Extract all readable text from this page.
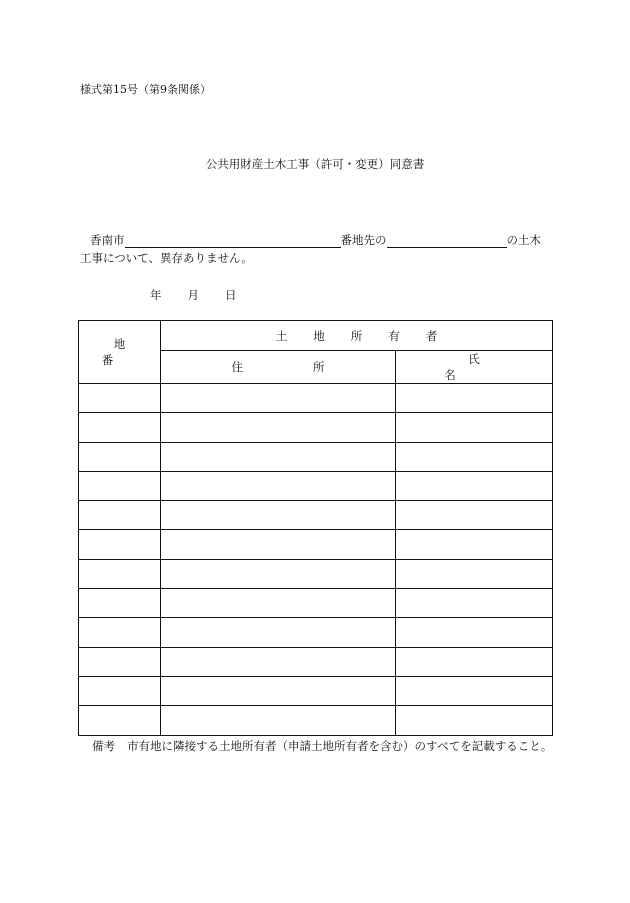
様式第15号（第9条関係）
公共用財産土木工事（許可・変更）同意書
香南市	番地先の	の土木
工事について、異存ありません。
年 月 日
地番	土地所有者	
	住所	氏名

備考 市有地に隣接する土地所有者（申請土地所有者を含む）のすべてを記載すること。
